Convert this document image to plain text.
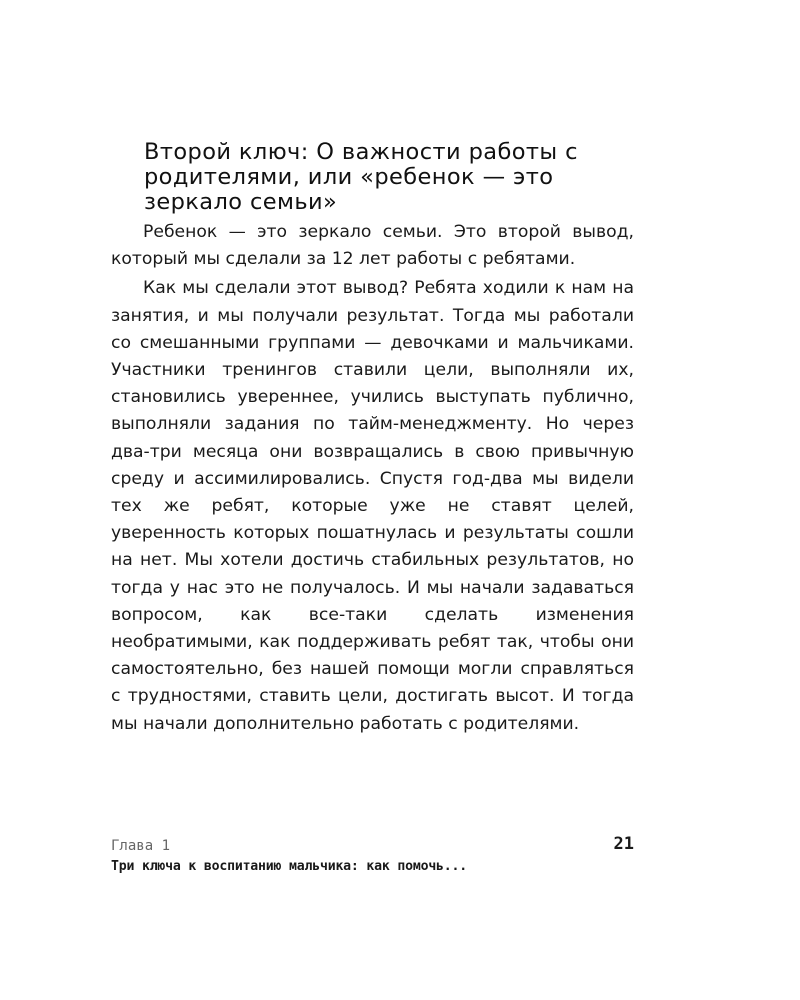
Второй ключ: О важности работы с родителями, или «ребенок — это зеркало семьи»

Ребенок — это зеркало семьи. Это второй вывод, который мы сделали за 12 лет работы с ребятами.

Как мы сделали этот вывод? Ребята ходили к нам на занятия, и мы получали результат. Тогда мы работали со смешанными группами — девочками и мальчиками. Участники тренингов ставили цели, выполняли их, становились увереннее, учились выступать публично, выполняли задания по тайм-менеджменту. Но через два-три месяца они возвращались в свою привычную среду и ассимилировались. Спустя год-два мы видели тех же ребят, которые уже не ставят целей, уверенность которых пошатнулась и результаты сошли на нет. Мы хотели достичь стабильных результатов, но тогда у нас это не получалось. И мы начали задаваться вопросом, как все-таки сделать изменения необратимыми, как поддерживать ребят так, чтобы они самостоятельно, без нашей помощи могли справляться с трудностями, ставить цели, достигать высот. И тогда мы начали дополнительно работать с родителями.

Глава 1	21
Три ключа к воспитанию мальчика: как помочь...
